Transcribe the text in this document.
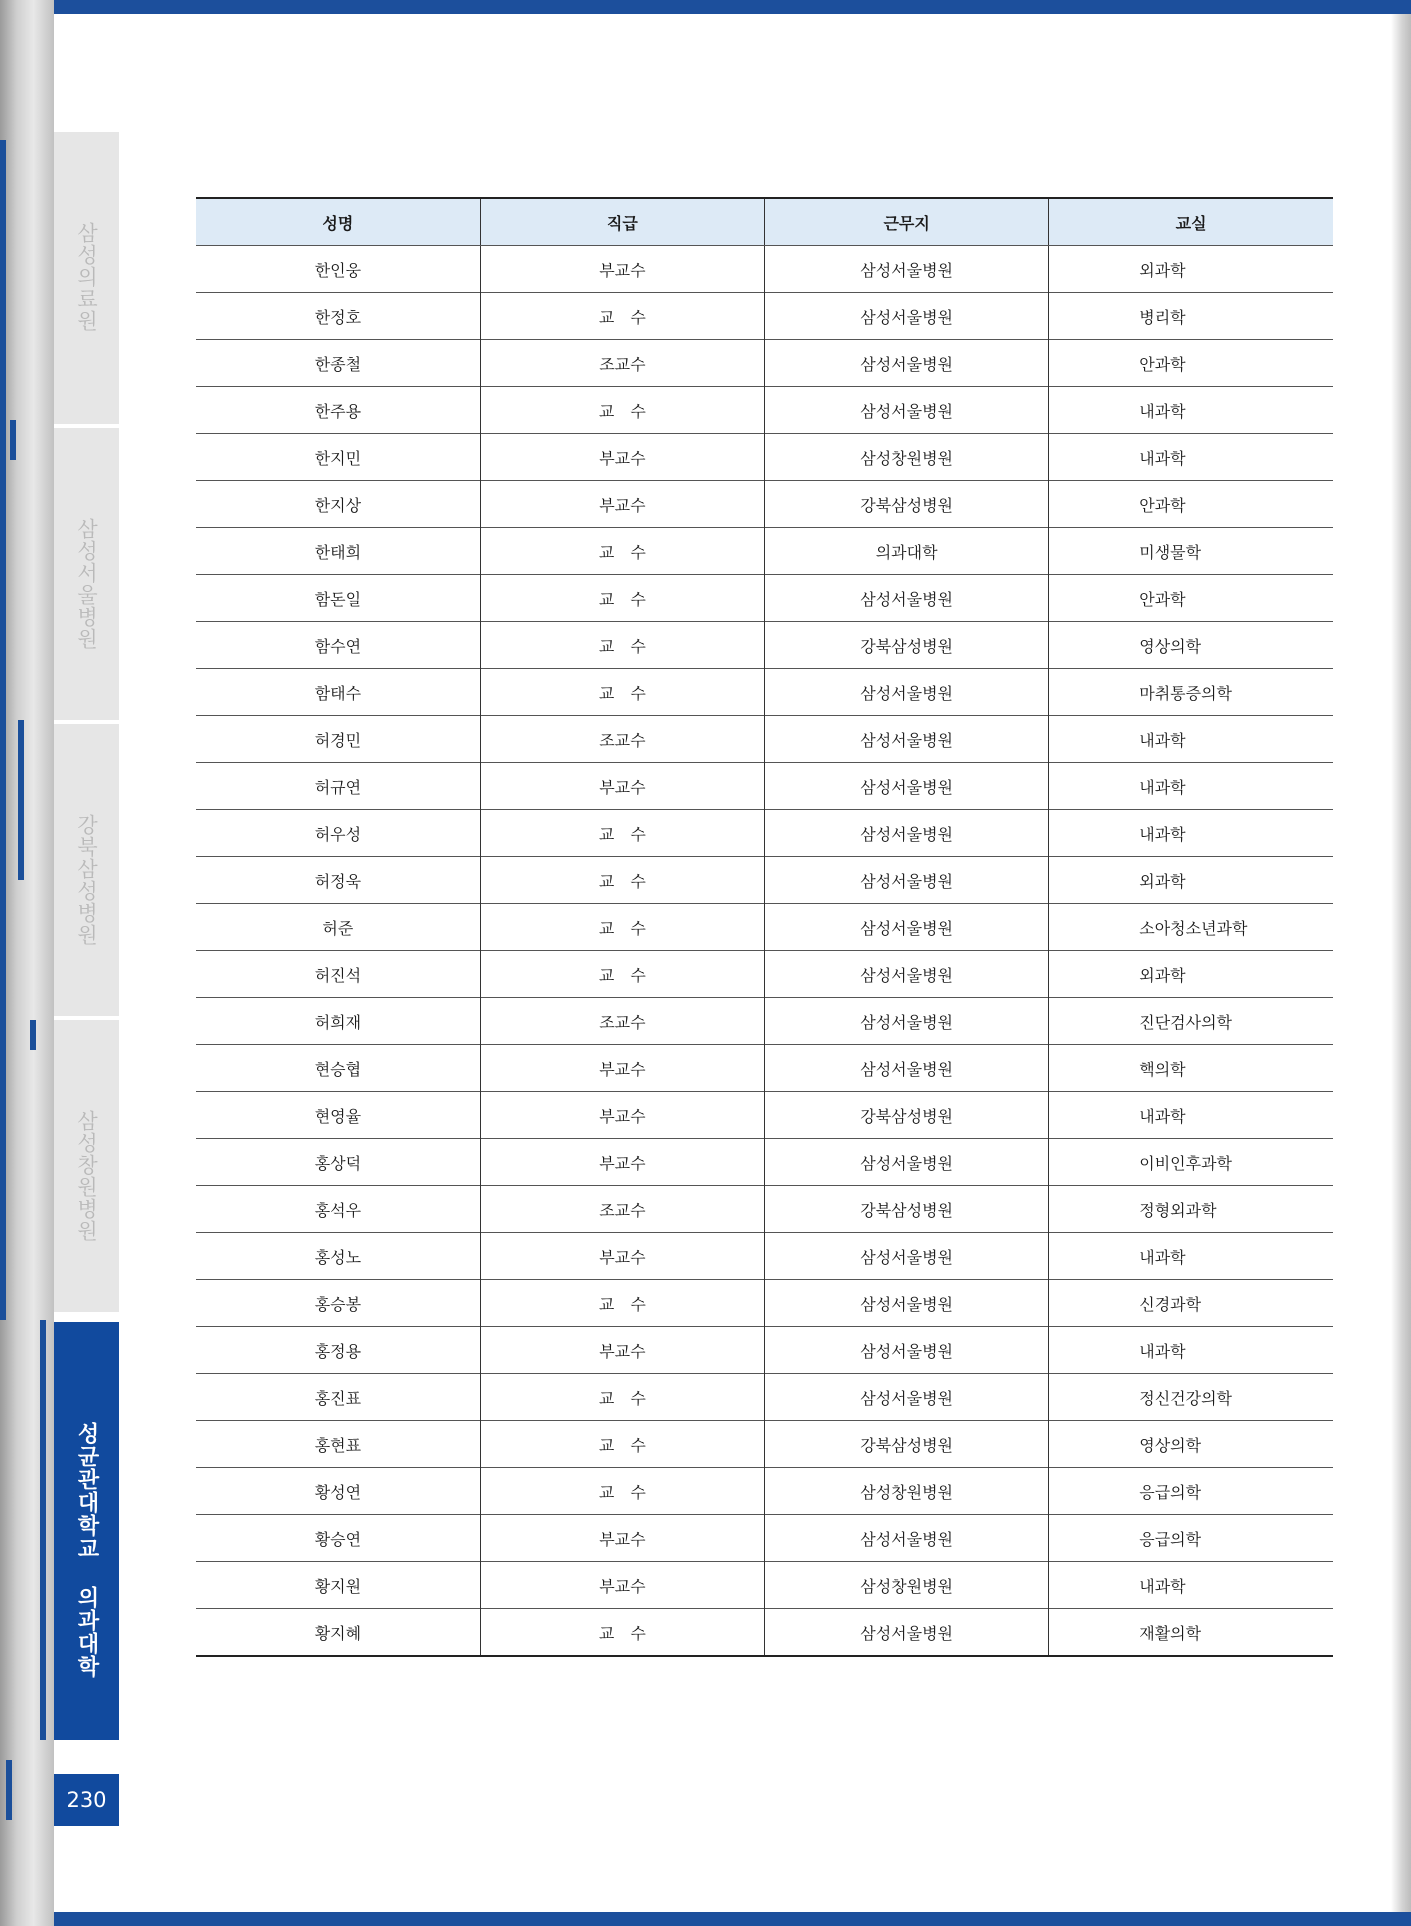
삼성의료원
삼성서울병원
강북삼성병원
삼성창원병원
성균관대학교 의과대학
230
성명	직급	근무지	교실
한인웅	부교수	삼성서울병원	외과학
한정호	교　수	삼성서울병원	병리학
한종철	조교수	삼성서울병원	안과학
한주용	교　수	삼성서울병원	내과학
한지민	부교수	삼성창원병원	내과학
한지상	부교수	강북삼성병원	안과학
한태희	교　수	의과대학	미생물학
함돈일	교　수	삼성서울병원	안과학
함수연	교　수	강북삼성병원	영상의학
함태수	교　수	삼성서울병원	마취통증의학
허경민	조교수	삼성서울병원	내과학
허규연	부교수	삼성서울병원	내과학
허우성	교　수	삼성서울병원	내과학
허정욱	교　수	삼성서울병원	외과학
허준	교　수	삼성서울병원	소아청소년과학
허진석	교　수	삼성서울병원	외과학
허희재	조교수	삼성서울병원	진단검사의학
현승협	부교수	삼성서울병원	핵의학
현영율	부교수	강북삼성병원	내과학
홍상덕	부교수	삼성서울병원	이비인후과학
홍석우	조교수	강북삼성병원	정형외과학
홍성노	부교수	삼성서울병원	내과학
홍승봉	교　수	삼성서울병원	신경과학
홍정용	부교수	삼성서울병원	내과학
홍진표	교　수	삼성서울병원	정신건강의학
홍현표	교　수	강북삼성병원	영상의학
황성연	교　수	삼성창원병원	응급의학
황승연	부교수	삼성서울병원	응급의학
황지원	부교수	삼성창원병원	내과학
황지혜	교　수	삼성서울병원	재활의학
